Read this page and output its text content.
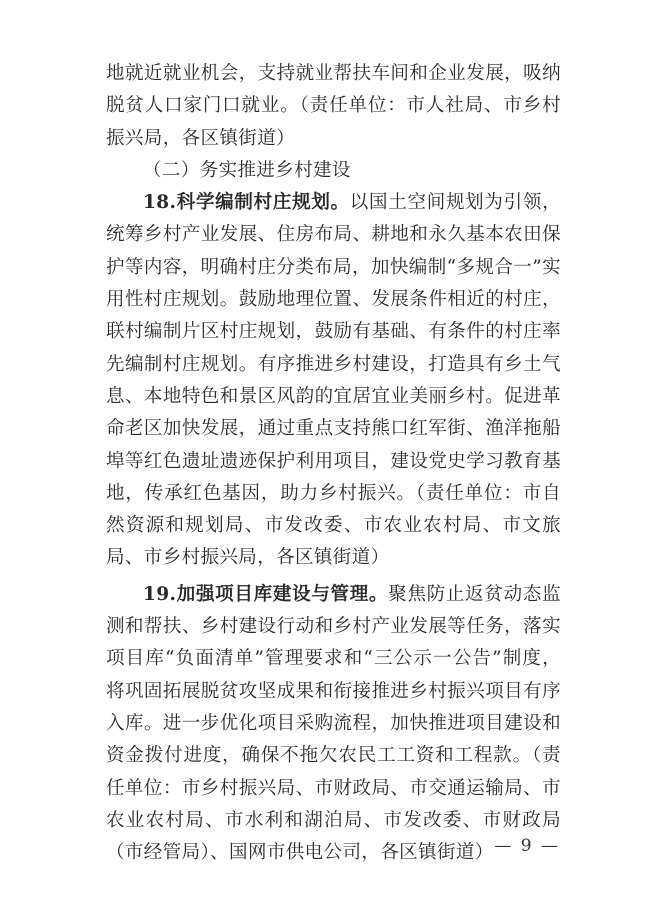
地就近就业机会，支持就业帮扶车间和企业发展，吸纳脱贫人口家门口就业。（责任单位：市人社局、市乡村振兴局，各区镇街道）

（二）务实推进乡村建设

18.科学编制村庄规划。以国土空间规划为引领，统筹乡村产业发展、住房布局、耕地和永久基本农田保护等内容，明确村庄分类布局，加快编制“多规合一”实用性村庄规划。鼓励地理位置、发展条件相近的村庄，联村编制片区村庄规划，鼓励有基础、有条件的村庄率先编制村庄规划。有序推进乡村建设，打造具有乡土气息、本地特色和景区风韵的宜居宜业美丽乡村。促进革命老区加快发展，通过重点支持熊口红军街、渔洋拖船埠等红色遗址遗迹保护利用项目，建设党史学习教育基地，传承红色基因，助力乡村振兴。（责任单位：市自然资源和规划局、市发改委、市农业农村局、市文旅局、市乡村振兴局，各区镇街道）

19.加强项目库建设与管理。聚焦防止返贫动态监测和帮扶、乡村建设行动和乡村产业发展等任务，落实项目库“负面清单”管理要求和“三公示一公告”制度，将巩固拓展脱贫攻坚成果和衔接推进乡村振兴项目有序入库。进一步优化项目采购流程，加快推进项目建设和资金拨付进度，确保不拖欠农民工工资和工程款。（责任单位：市乡村振兴局、市财政局、市交通运输局、市农业农村局、市水利和湖泊局、市发改委、市财政局（市经管局）、国网市供电公司，各区镇街道） — 9 —
